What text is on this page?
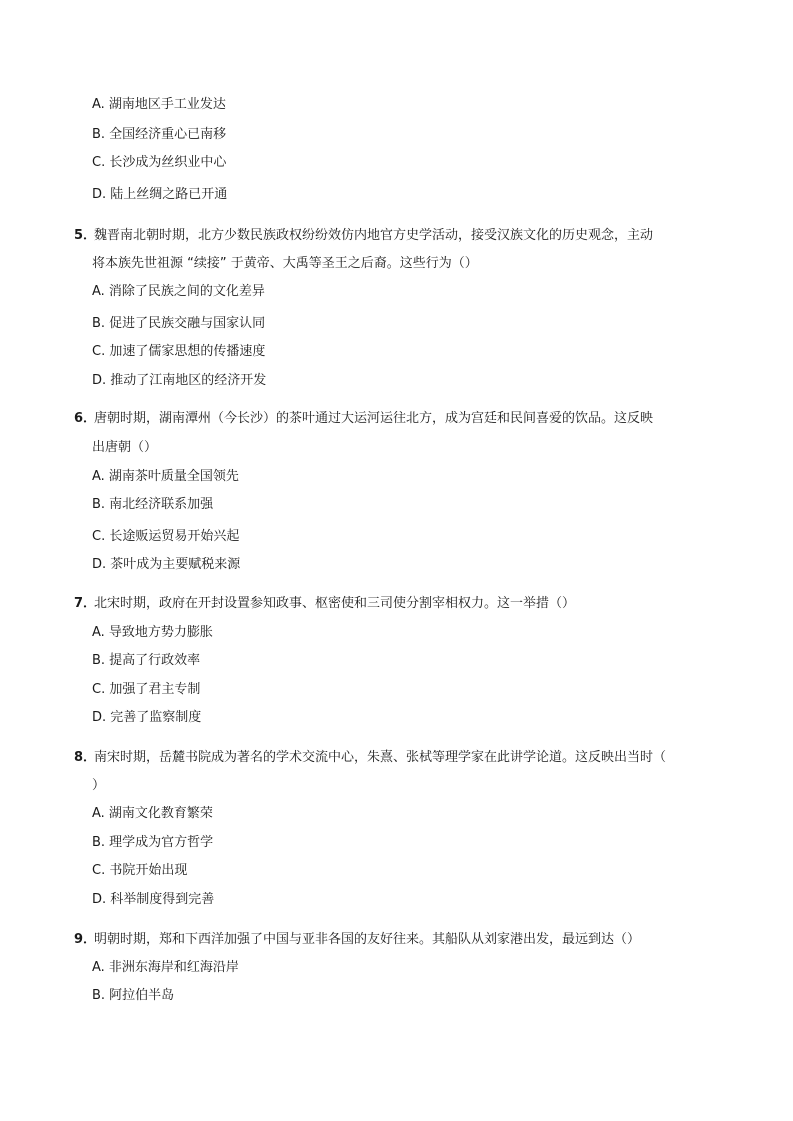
A. 湖南地区手工业发达
B. 全国经济重心已南移
C. 长沙成为丝织业中心
D. 陆上丝绸之路已开通
5．
魏晋南北朝时期，北方少数民族政权纷纷效仿内地官方史学活动，接受汉族文化的历史观念，主动
将本族先世祖源 “续接” 于黄帝、大禹等圣王之后裔。这些行为（）
A. 消除了民族之间的文化差异
B. 促进了民族交融与国家认同
C. 加速了儒家思想的传播速度
D. 推动了江南地区的经济开发
6．
唐朝时期，湖南潭州（今长沙）的茶叶通过大运河运往北方，成为宫廷和民间喜爱的饮品。这反映
出唐朝（）
A. 湖南茶叶质量全国领先
B. 南北经济联系加强
C. 长途贩运贸易开始兴起
D. 茶叶成为主要赋税来源
7．
北宋时期，政府在开封设置参知政事、枢密使和三司使分割宰相权力。这一举措（）
A. 导致地方势力膨胀
B. 提高了行政效率
C. 加强了君主专制
D. 完善了监察制度
8．
南宋时期，岳麓书院成为著名的学术交流中心，朱熹、张栻等理学家在此讲学论道。这反映出当时（
）
A. 湖南文化教育繁荣
B. 理学成为官方哲学
C. 书院开始出现
D. 科举制度得到完善
9．
明朝时期，郑和下西洋加强了中国与亚非各国的友好往来。其船队从刘家港出发，最远到达（）
A. 非洲东海岸和红海沿岸
B. 阿拉伯半岛
